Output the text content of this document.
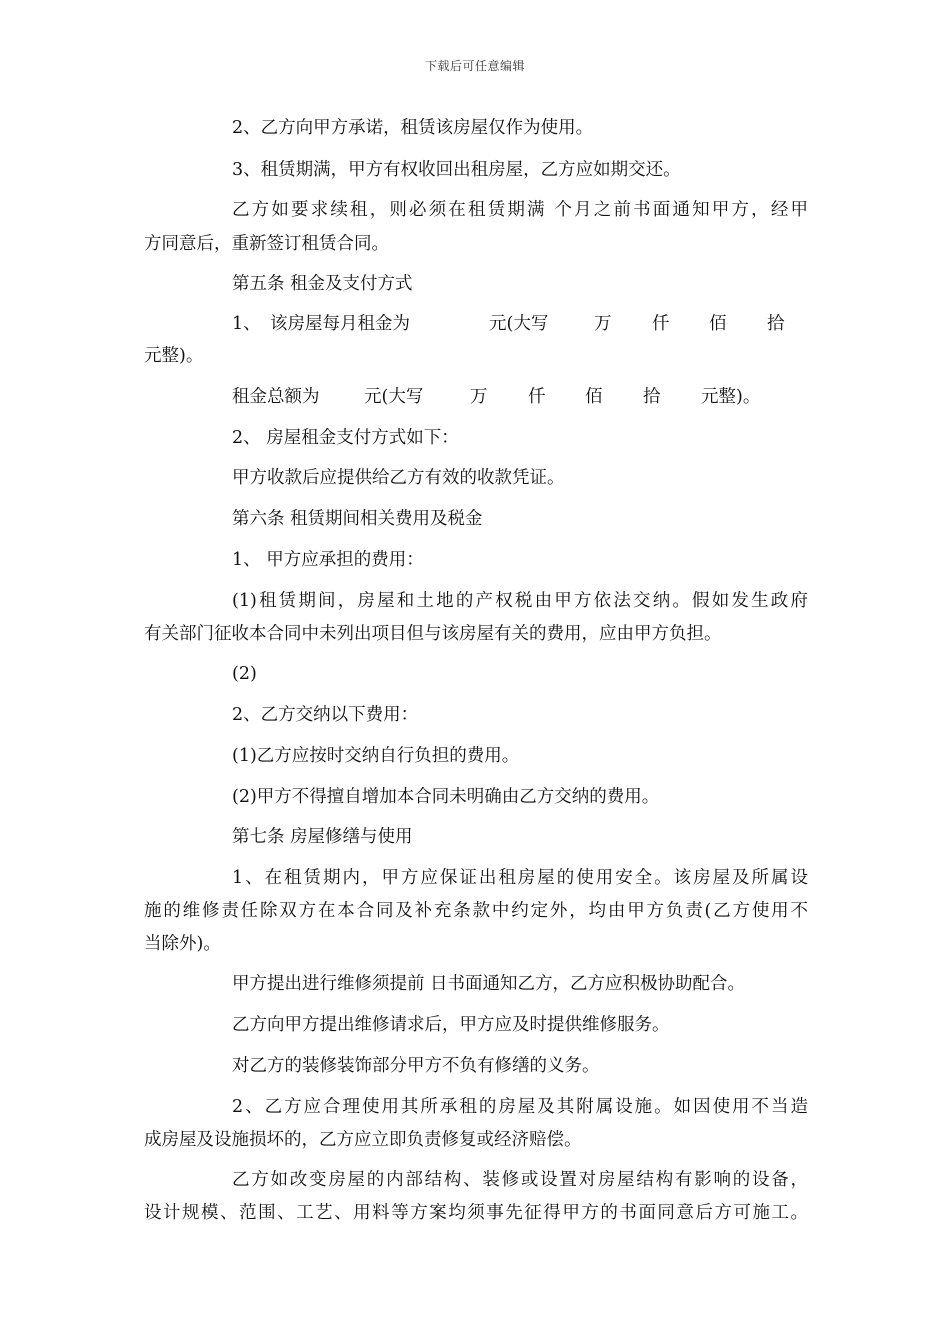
下载后可任意编辑
2、乙方向甲方承诺，租赁该房屋仅作为使用。
3、租赁期满，甲方有权收回出租房屋，乙方应如期交还。
乙方如要求续租，则必须在租赁期满 个月之前书面通知甲方，经甲
方同意后，重新签订租赁合同。
第五条 租金及支付方式
1、 该房屋每月租金为	元(大写	万 仟 佰 拾
元整)。
租金总额为	元(大写	万 仟 佰 拾 元整)。
2、 房屋租金支付方式如下：
甲方收款后应提供给乙方有效的收款凭证。
第六条 租赁期间相关费用及税金
1、 甲方应承担的费用：
(1)租赁期间，房屋和土地的产权税由甲方依法交纳。假如发生政府
有关部门征收本合同中未列出项目但与该房屋有关的费用，应由甲方负担。
(2)
2、乙方交纳以下费用：
(1)乙方应按时交纳自行负担的费用。
(2)甲方不得擅自增加本合同未明确由乙方交纳的费用。
第七条 房屋修缮与使用
1、在租赁期内，甲方应保证出租房屋的使用安全。该房屋及所属设
施的维修责任除双方在本合同及补充条款中约定外，均由甲方负责(乙方使用不
当除外)。
甲方提出进行维修须提前 日书面通知乙方，乙方应积极协助配合。
乙方向甲方提出维修请求后，甲方应及时提供维修服务。
对乙方的装修装饰部分甲方不负有修缮的义务。
2、乙方应合理使用其所承租的房屋及其附属设施。如因使用不当造
成房屋及设施损坏的，乙方应立即负责修复或经济赔偿。
乙方如改变房屋的内部结构、装修或设置对房屋结构有影响的设备，
设计规模、范围、工艺、用料等方案均须事先征得甲方的书面同意后方可施工。
